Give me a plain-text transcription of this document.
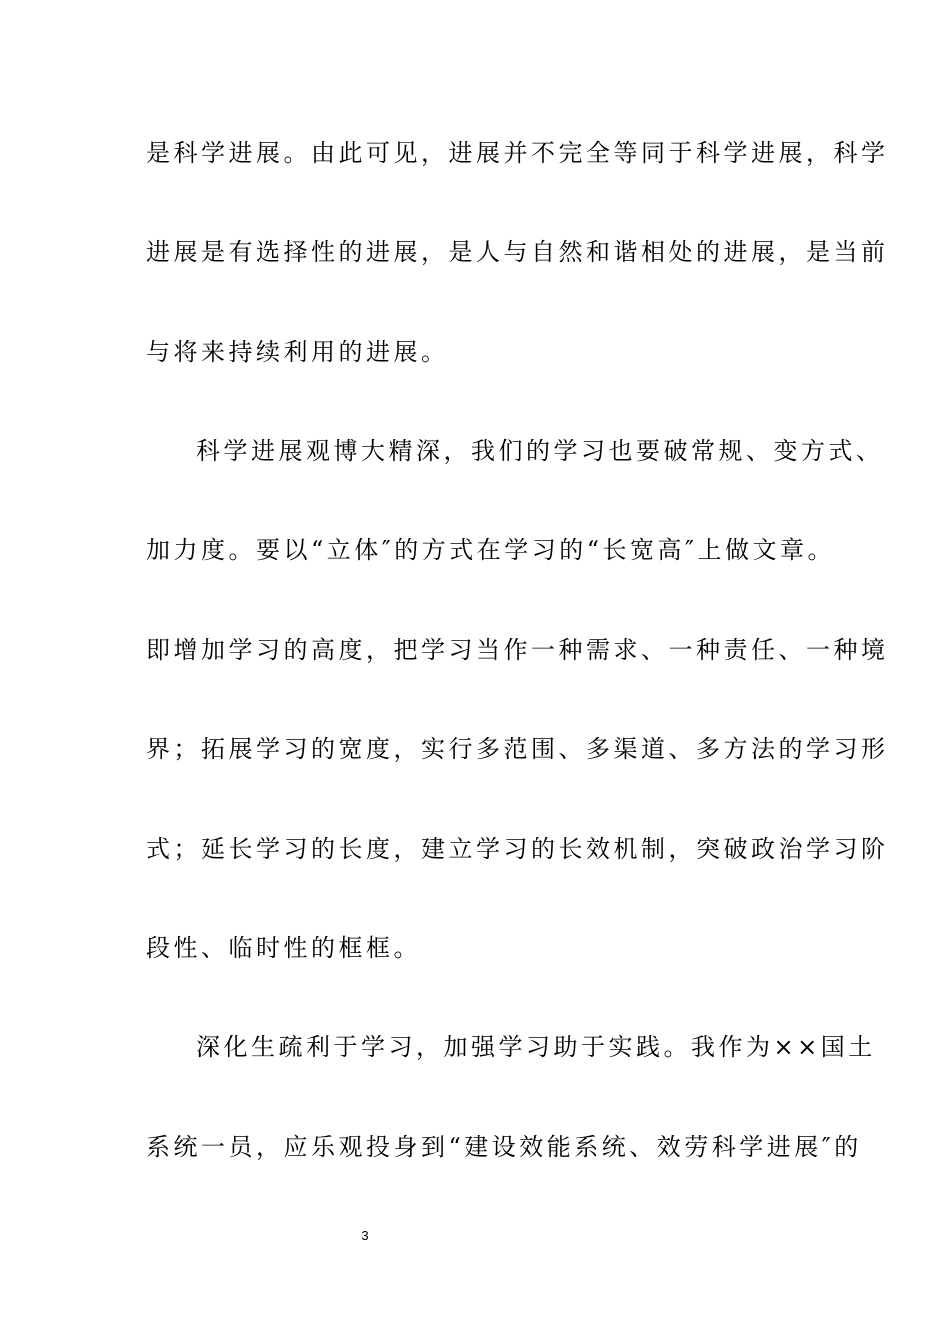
是科学进展。由此可见，进展并不完全等同于科学进展，科学
进展是有选择性的进展，是人与自然和谐相处的进展，是当前
与将来持续利用的进展。
科学进展观博大精深，我们的学习也要破常规、变方式、
加力度。要以“立体″的方式在学习的“长宽高″上做文章。
即增加学习的高度，把学习当作一种需求、一种责任、一种境
界；拓展学习的宽度，实行多范围、多渠道、多方法的学习形
式；延长学习的长度，建立学习的长效机制，突破政治学习阶
段性、临时性的框框。
深化生疏利于学习，加强学习助于实践。我作为××国土
系统一员，应乐观投身到“建设效能系统、效劳科学进展″的
3
